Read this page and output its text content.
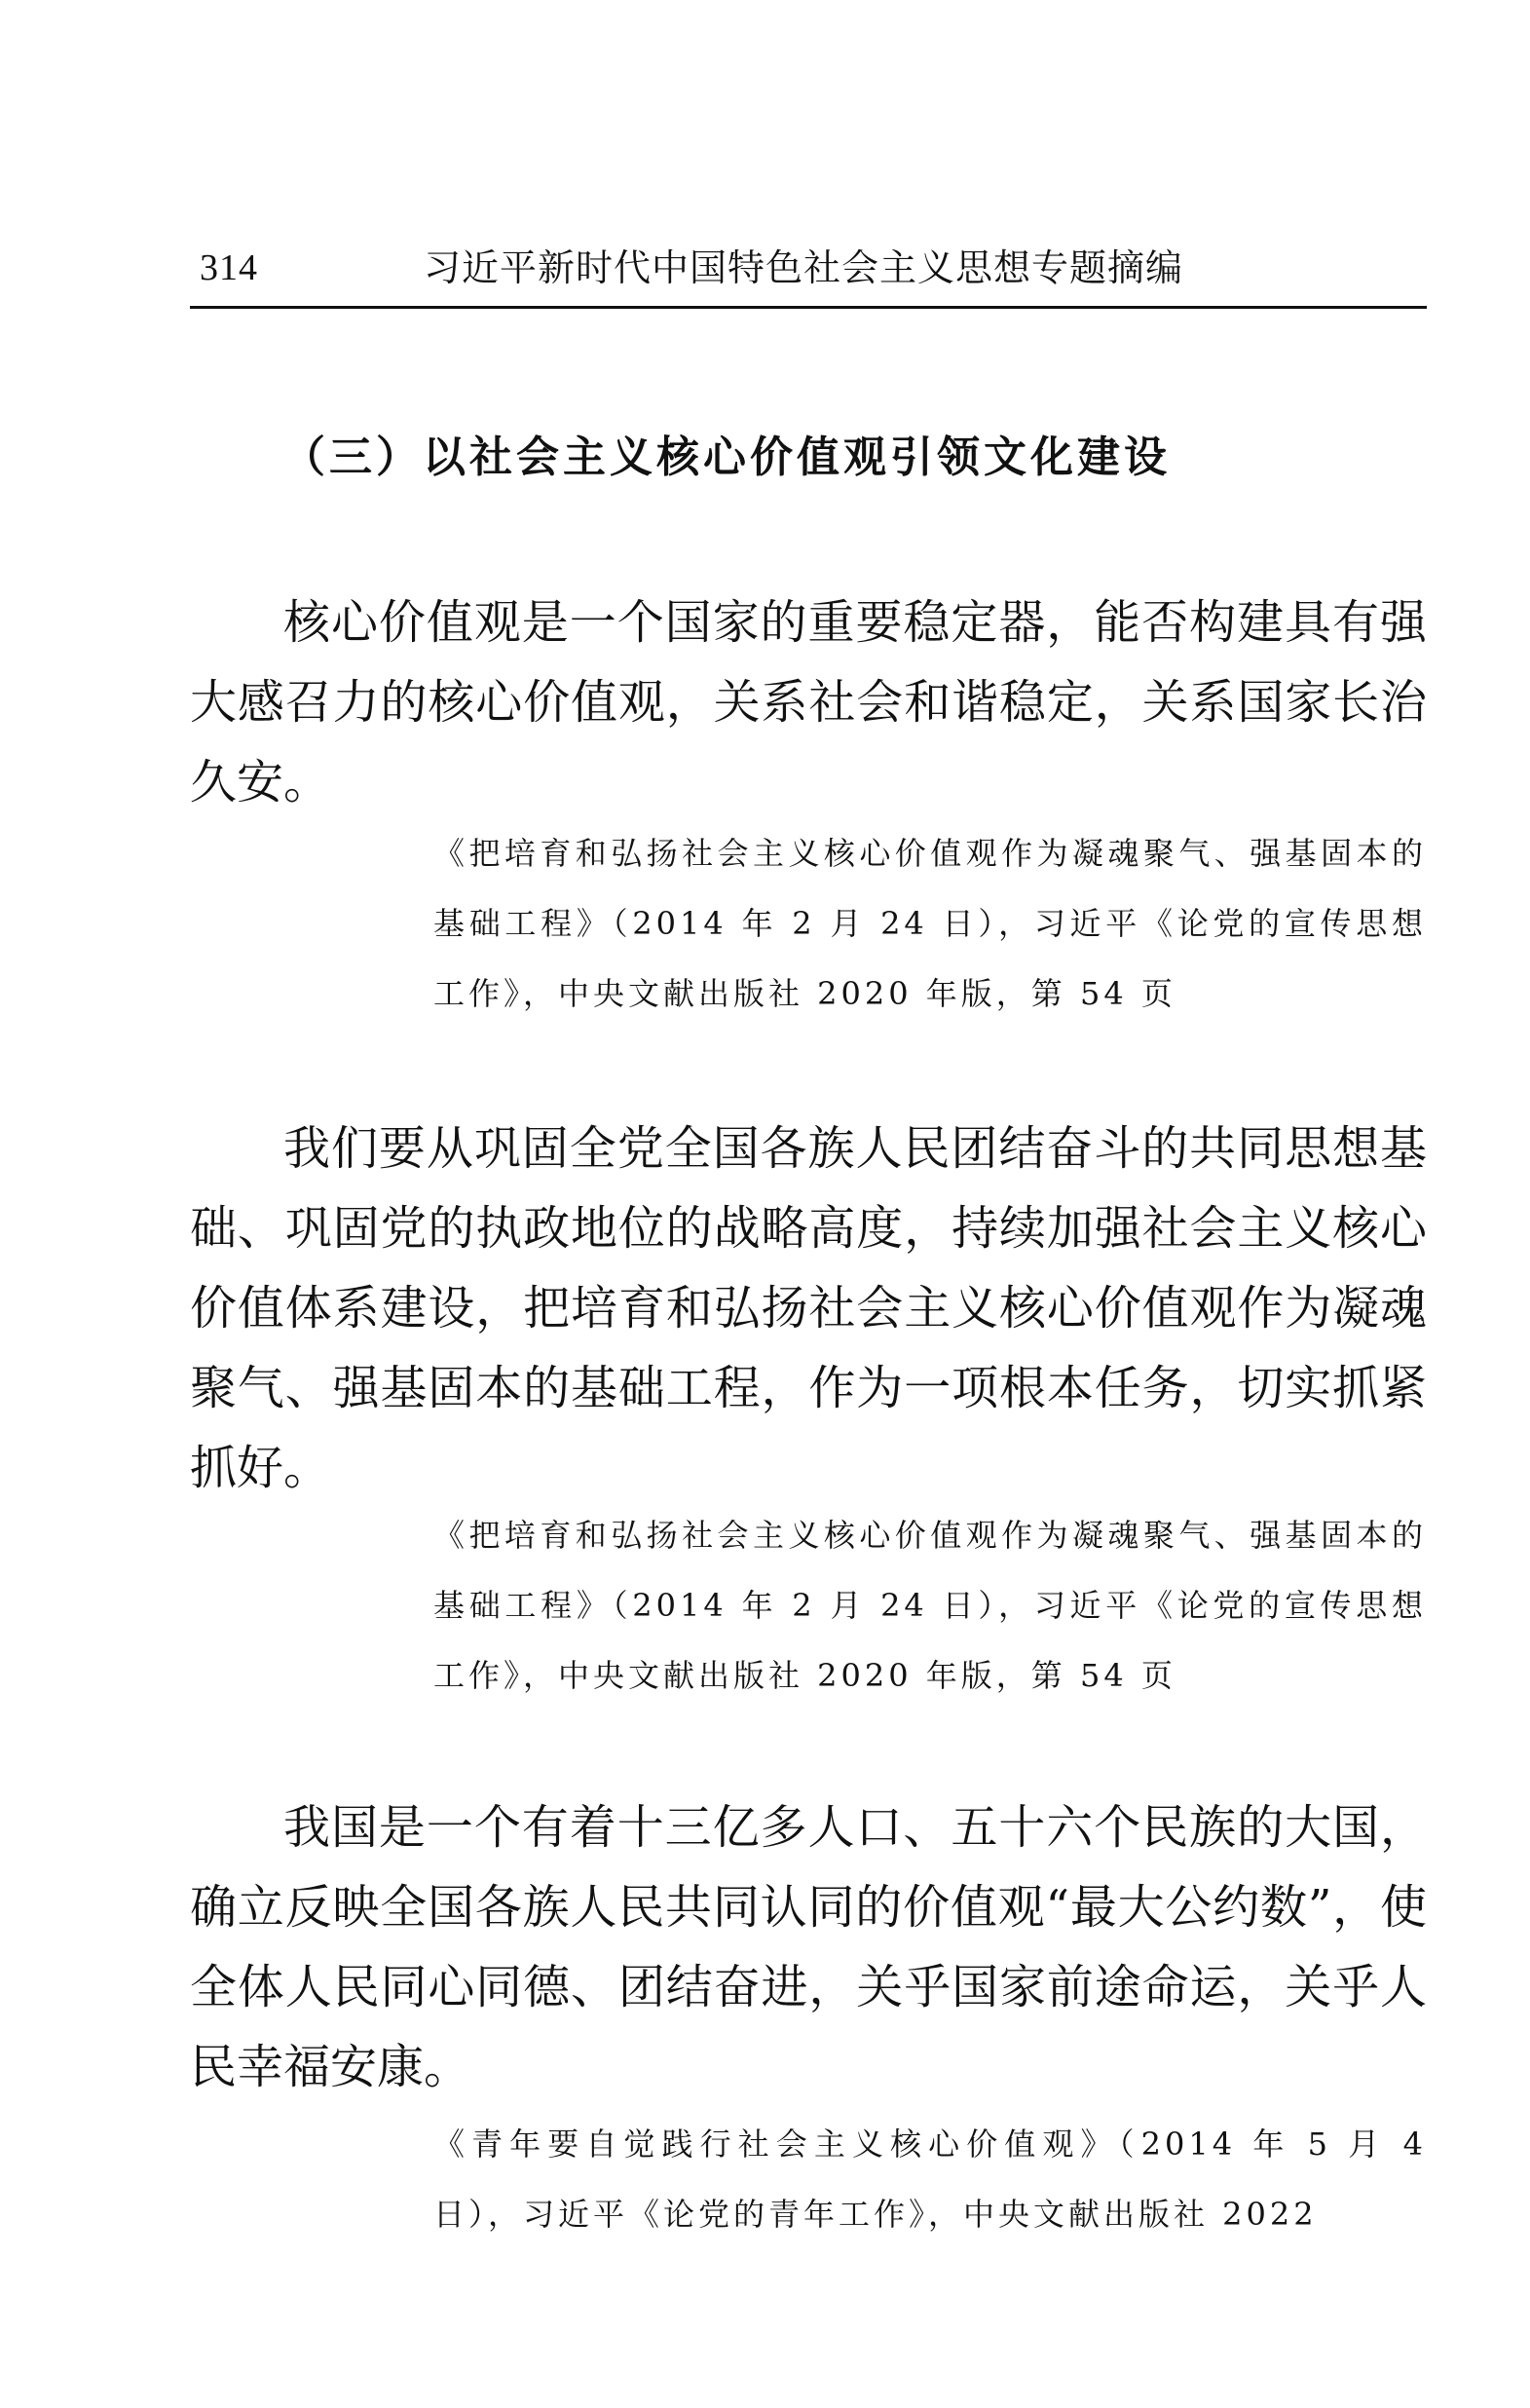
314	习近平新时代中国特色社会主义思想专题摘编
（三）以社会主义核心价值观引领文化建设

核心价值观是一个国家的重要稳定器，能否构建具有强大感召力的核心价值观，关系社会和谐稳定，关系国家长治久安。

《把培育和弘扬社会主义核心价值观作为凝魂聚气、强基固本的基础工程》（2014 年 2 月 24 日），习近平《论党的宣传思想工作》，中央文献出版社 2020 年版，第 54 页

我们要从巩固全党全国各族人民团结奋斗的共同思想基础、巩固党的执政地位的战略高度，持续加强社会主义核心价值体系建设，把培育和弘扬社会主义核心价值观作为凝魂聚气、强基固本的基础工程，作为一项根本任务，切实抓紧抓好。

《把培育和弘扬社会主义核心价值观作为凝魂聚气、强基固本的基础工程》（2014 年 2 月 24 日），习近平《论党的宣传思想工作》，中央文献出版社 2020 年版，第 54 页

我国是一个有着十三亿多人口、五十六个民族的大国，确立反映全国各族人民共同认同的价值观“最大公约数”，使全体人民同心同德、团结奋进，关乎国家前途命运，关乎人民幸福安康。

《青年要自觉践行社会主义核心价值观》（2014 年 5 月 4 日），习近平《论党的青年工作》，中央文献出版社 2022
